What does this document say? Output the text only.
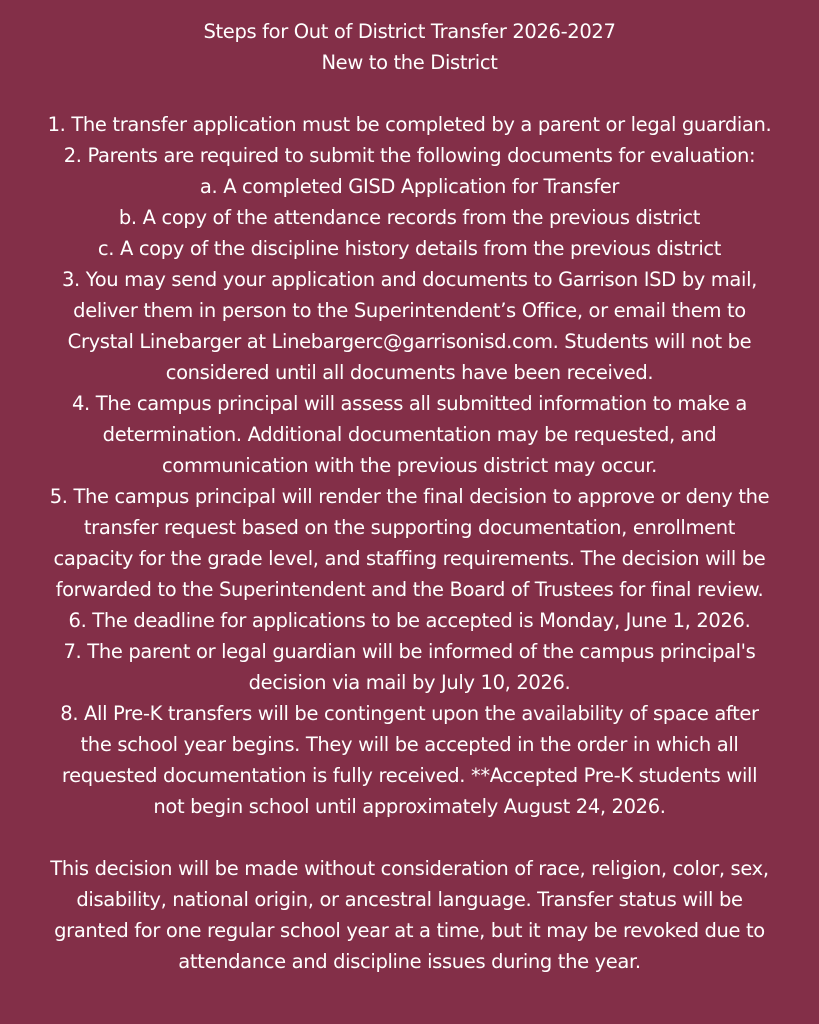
Steps for Out of District Transfer 2026-2027
New to the District
1. The transfer application must be completed by a parent or legal guardian.
2. Parents are required to submit the following documents for evaluation:
a. A completed GISD Application for Transfer
b. A copy of the attendance records from the previous district
c. A copy of the discipline history details from the previous district
3. You may send your application and documents to Garrison ISD by mail,
deliver them in person to the Superintendent’s Office, or email them to
Crystal Linebarger at Linebargerc@garrisonisd.com. Students will not be
considered until all documents have been received.
4. The campus principal will assess all submitted information to make a
determination. Additional documentation may be requested, and
communication with the previous district may occur.
5. The campus principal will render the final decision to approve or deny the
transfer request based on the supporting documentation, enrollment
capacity for the grade level, and staffing requirements. The decision will be
forwarded to the Superintendent and the Board of Trustees for final review.
6. The deadline for applications to be accepted is Monday, June 1, 2026.
7. The parent or legal guardian will be informed of the campus principal's
decision via mail by July 10, 2026.
8. All Pre-K transfers will be contingent upon the availability of space after
the school year begins. They will be accepted in the order in which all
requested documentation is fully received. **Accepted Pre-K students will
not begin school until approximately August 24, 2026.
This decision will be made without consideration of race, religion, color, sex,
disability, national origin, or ancestral language. Transfer status will be
granted for one regular school year at a time, but it may be revoked due to
attendance and discipline issues during the year.
